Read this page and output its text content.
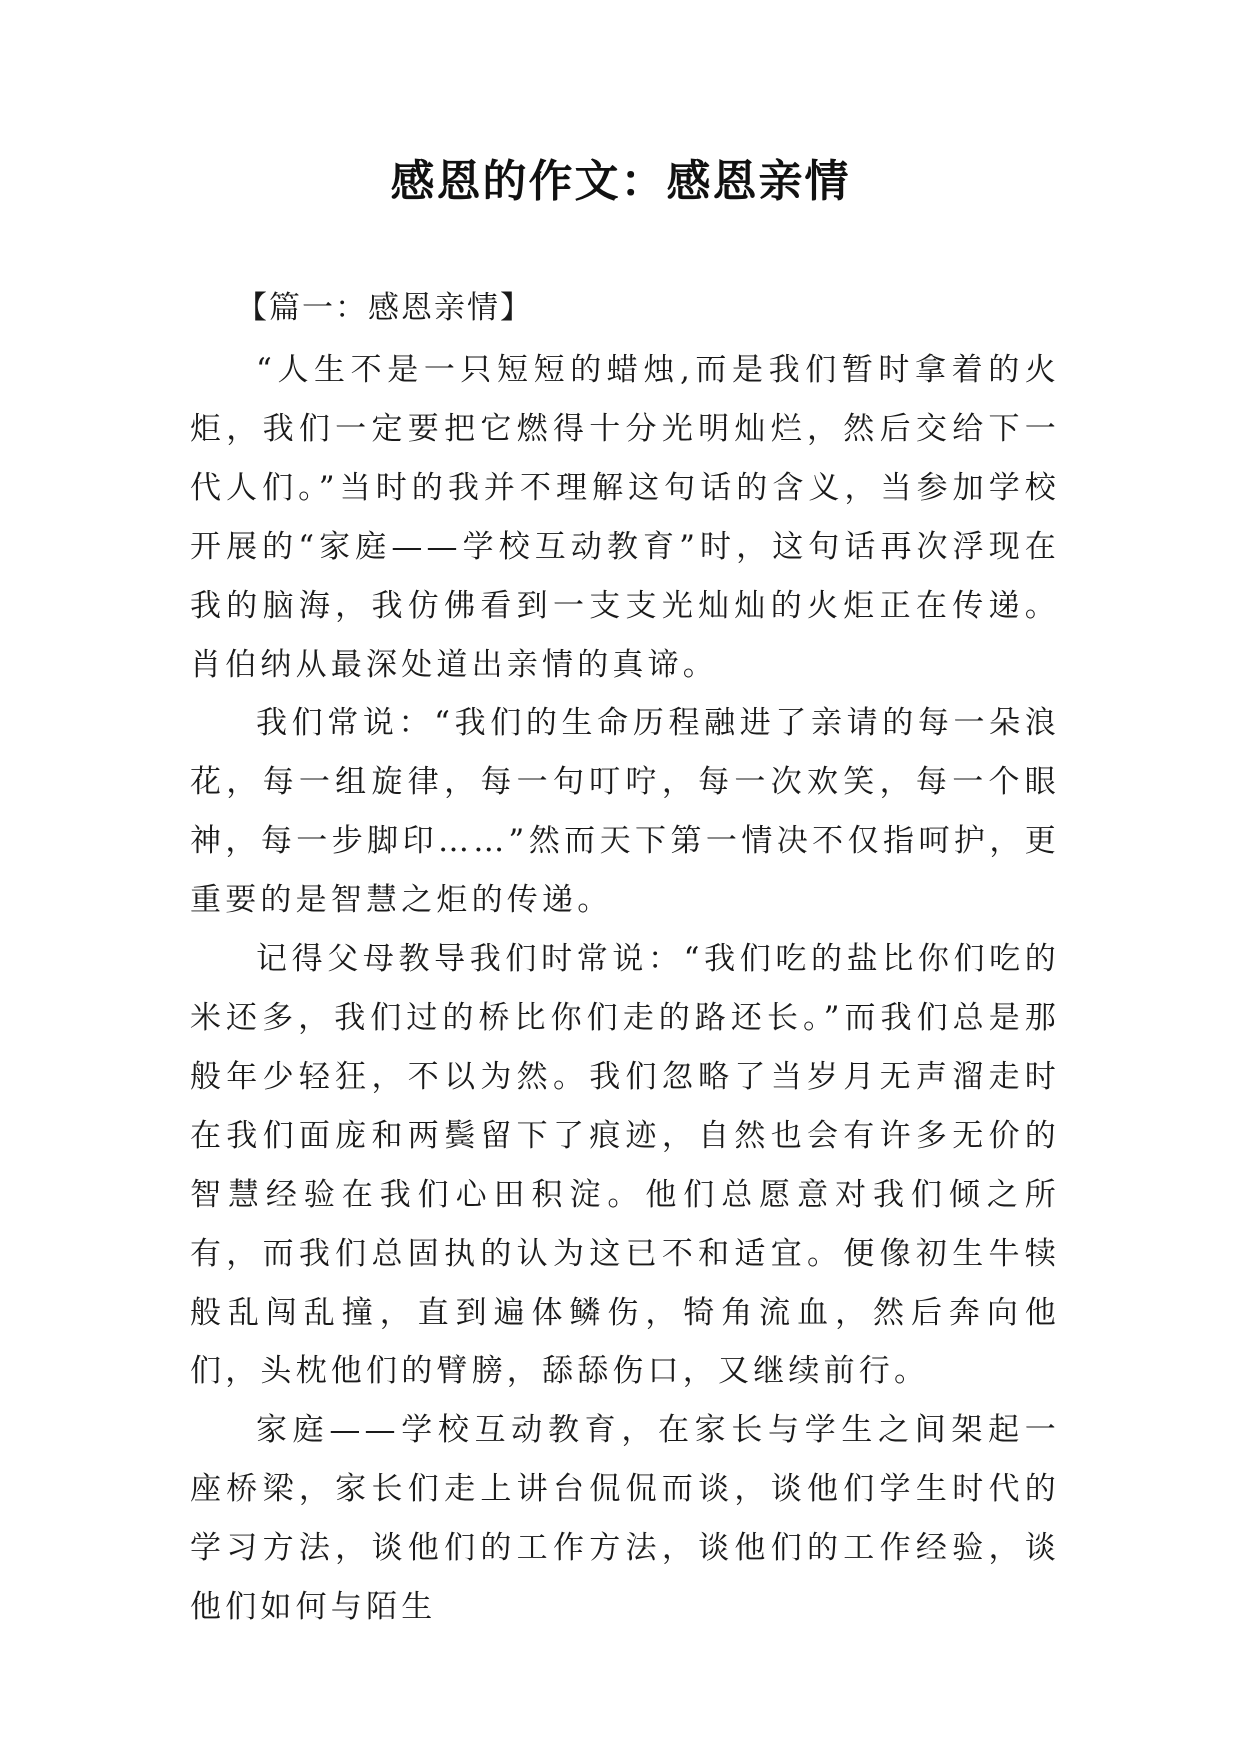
感恩的作文：感恩亲情
【篇一：感恩亲情】

“人生不是一只短短的蜡烛,而是我们暂时拿着的火炬，我们一定要把它燃得十分光明灿烂，然后交给下一代人们。”当时的我并不理解这句话的含义，当参加学校开展的“家庭——学校互动教育”时，这句话再次浮现在我的脑海，我仿佛看到一支支光灿灿的火炬正在传递。肖伯纳从最深处道出亲情的真谛。

我们常说：“我们的生命历程融进了亲请的每一朵浪花，每一组旋律，每一句叮咛，每一次欢笑，每一个眼神，每一步脚印……”然而天下第一情决不仅指呵护，更重要的是智慧之炬的传递。

记得父母教导我们时常说：“我们吃的盐比你们吃的米还多，我们过的桥比你们走的路还长。”而我们总是那般年少轻狂，不以为然。我们忽略了当岁月无声溜走时在我们面庞和两鬓留下了痕迹，自然也会有许多无价的智慧经验在我们心田积淀。他们总愿意对我们倾之所有，而我们总固执的认为这已不和适宜。便像初生牛犊般乱闯乱撞，直到遍体鳞伤，犄角流血，然后奔向他们，头枕他们的臂膀，舔舔伤口，又继续前行。

家庭——学校互动教育，在家长与学生之间架起一座桥梁，家长们走上讲台侃侃而谈，谈他们学生时代的学习方法，谈他们的工作方法，谈他们的工作经验，谈他们如何与陌生
